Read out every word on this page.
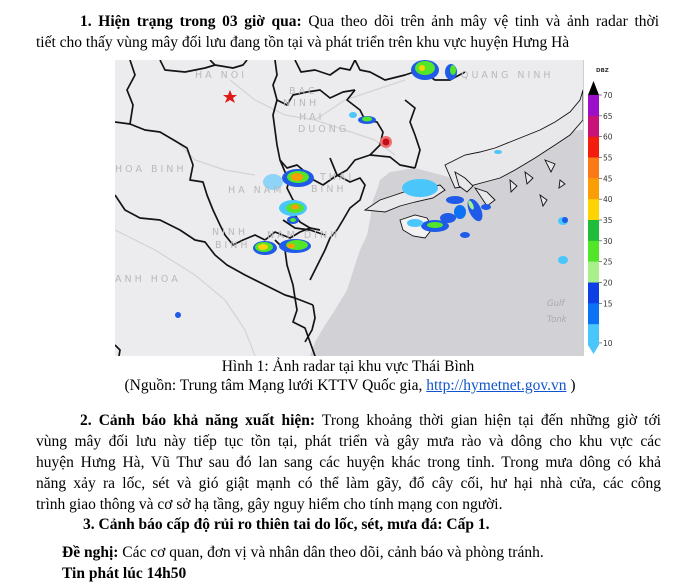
1. Hiện trạng trong 03 giờ qua: Qua theo dõi trên ảnh mây vệ tinh và ảnh radar thời
tiết cho thấy vùng mây đối lưu đang tồn tại và phát triển trên khu vực huyện Hưng Hà
HA NOI
BAC
NINH
HAI
DUONG
QUANG NINH
HOA BINH
HA NAM
THAI
BINH
NINH
BINH
NAM DINH
ANH HOA
Gulf
Tonk
DBZ
70
65
60
55
45
40
35
30
25
20
15
10
Hình 1: Ảnh radar tại khu vực Thái Bình
(Nguồn: Trung tâm Mạng lưới KTTV Quốc gia, http://hymetnet.gov.vn )
2. Cảnh báo khả năng xuất hiện: Trong khoảng thời gian hiện tại đến những giờ tới
vùng mây đối lưu này tiếp tục tồn tại, phát triển và gây mưa rào và dông cho khu vực các
huyện Hưng Hà, Vũ Thư sau đó lan sang các huyện khác trong tỉnh. Trong mưa dông có khả
năng xảy ra lốc, sét và gió giật mạnh có thể làm gãy, đổ cây cối, hư hại nhà cửa, các công
trình giao thông và cơ sở hạ tầng, gây nguy hiểm cho tính mạng con người.
3. Cảnh báo cấp độ rủi ro thiên tai do lốc, sét, mưa đá: Cấp 1.
Đề nghị: Các cơ quan, đơn vị và nhân dân theo dõi, cảnh báo và phòng tránh.
Tin phát lúc 14h50
